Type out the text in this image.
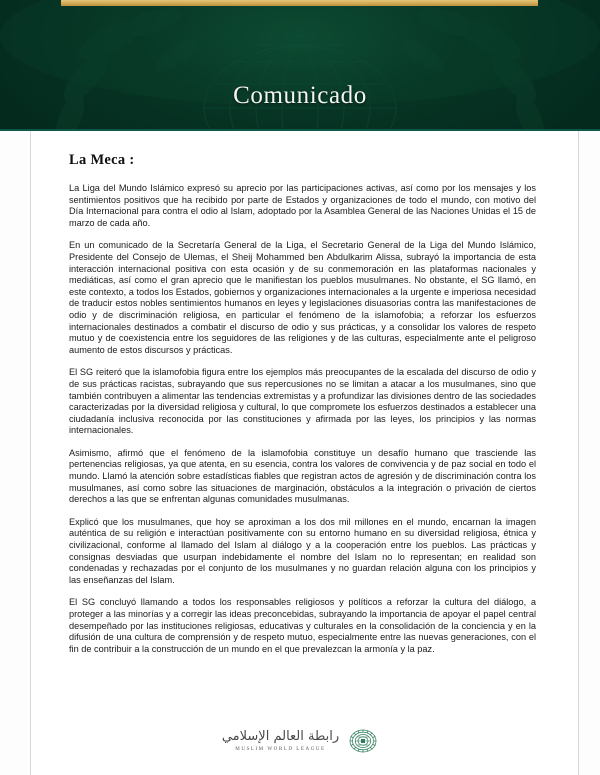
Comunicado
La Meca :

La Liga del Mundo Islámico expresó su aprecio por las participaciones activas, así como por los mensajes y los sentimientos positivos que ha recibido por parte de Estados y organizaciones de todo el mundo, con motivo del Día Internacional para contra el odio al Islam, adoptado por la Asamblea General de las Naciones Unidas el 15 de marzo de cada año.

En un comunicado de la Secretaría General de la Liga, el Secretario General de la Liga del Mundo Islámico, Presidente del Consejo de Ulemas, el Sheij Mohammed ben Abdulkarim Alissa, subrayó la importancia de esta interacción internacional positiva con esta ocasión y de su conmemoración en las plataformas nacionales y mediáticas, así como el gran aprecio que le manifiestan los pueblos musulmanes. No obstante, el SG llamó, en este contexto, a todos los Estados, gobiernos y organizaciones internacionales a la urgente e imperiosa necesidad de traducir estos nobles sentimientos humanos en leyes y legislaciones disuasorias contra las manifestaciones de odio y de discriminación religiosa, en particular el fenómeno de la islamofobia; a reforzar los esfuerzos internacionales destinados a combatir el discurso de odio y sus prácticas, y a consolidar los valores de respeto mutuo y de coexistencia entre los seguidores de las religiones y de las culturas, especialmente ante el peligroso aumento de estos discursos y prácticas.

El SG reiteró que la islamofobia figura entre los ejemplos más preocupantes de la escalada del discurso de odio y de sus prácticas racistas, subrayando que sus repercusiones no se limitan a atacar a los musulmanes, sino que también contribuyen a alimentar las tendencias extremistas y a profundizar las divisiones dentro de las sociedades caracterizadas por la diversidad religiosa y cultural, lo que compromete los esfuerzos destinados a establecer una ciudadanía inclusiva reconocida por las constituciones y afirmada por las leyes, los principios y las normas internacionales.

Asimismo, afirmó que el fenómeno de la islamofobia constituye un desafío humano que trasciende las pertenencias religiosas, ya que atenta, en su esencia, contra los valores de convivencia y de paz social en todo el mundo. Llamó la atención sobre estadísticas fiables que registran actos de agresión y de discriminación contra los musulmanes, así como sobre las situaciones de marginación, obstáculos a la integración o privación de ciertos derechos a las que se enfrentan algunas comunidades musulmanas.

Explicó que los musulmanes, que hoy se aproximan a los dos mil millones en el mundo, encarnan la imagen auténtica de su religión e interactúan positivamente con su entorno humano en su diversidad religiosa, étnica y civilizacional, conforme al llamado del Islam al diálogo y a la cooperación entre los pueblos. Las prácticas y consignas desviadas que usurpan indebidamente el nombre del Islam no lo representan; en realidad son condenadas y rechazadas por el conjunto de los musulmanes y no guardan relación alguna con los principios y las enseñanzas del Islam.

El SG concluyó llamando a todos los responsables religiosos y políticos a reforzar la cultura del diálogo, a proteger a las minorías y a corregir las ideas preconcebidas, subrayando la importancia de apoyar el papel central desempeñado por las instituciones religiosas, educativas y culturales en la consolidación de la conciencia y en la difusión de una cultura de comprensión y de respeto mutuo, especialmente entre las nuevas generaciones, con el fin de contribuir a la construcción de un mundo en el que prevalezcan la armonía y la paz.

رابطة العالم الإسلامي
MUSLIM WORLD LEAGUE
